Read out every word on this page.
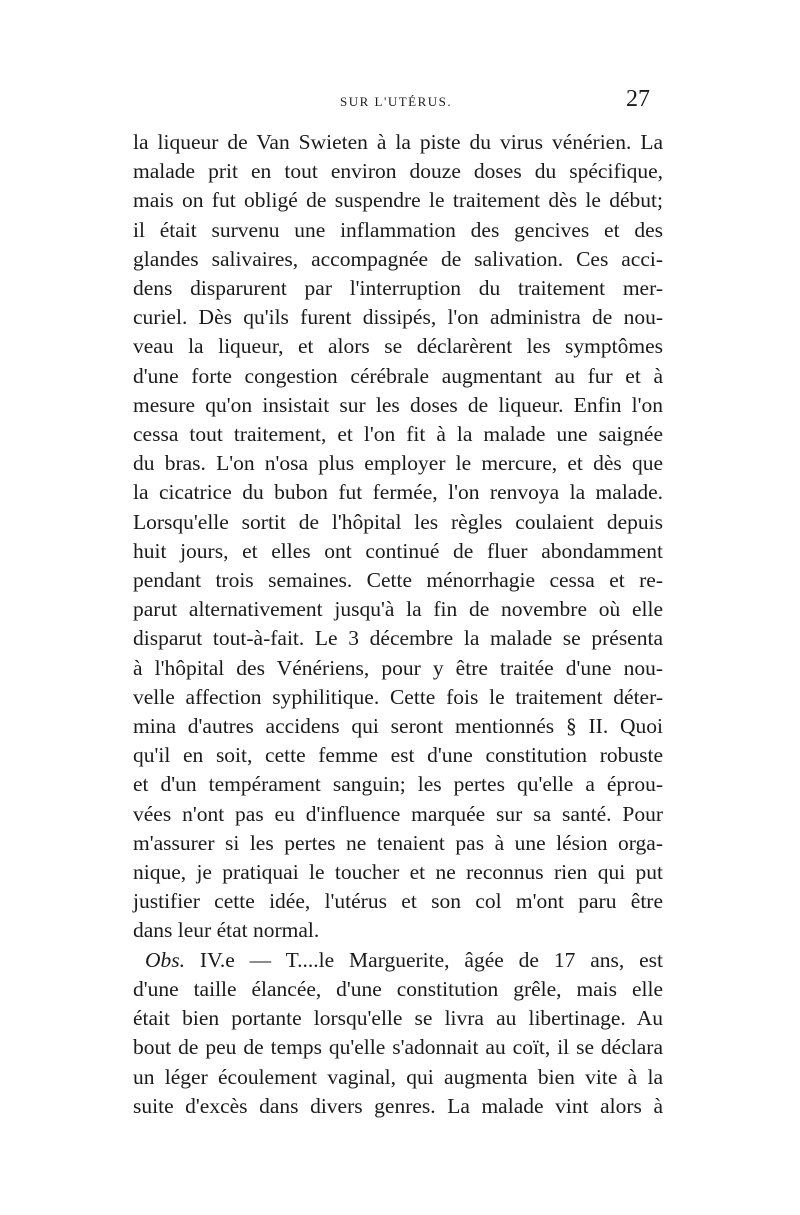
SUR L'UTÉRUS.	27
la liqueur de Van Swieten à la piste du virus vénérien. La
malade prit en tout environ douze doses du spécifique,
mais on fut obligé de suspendre le traitement dès le début;
il était survenu une inflammation des gencives et des
glandes salivaires, accompagnée de salivation. Ces acci-
dens disparurent par l'interruption du traitement mer-
curiel. Dès qu'ils furent dissipés, l'on administra de nou-
veau la liqueur, et alors se déclarèrent les symptômes
d'une forte congestion cérébrale augmentant au fur et à
mesure qu'on insistait sur les doses de liqueur. Enfin l'on
cessa tout traitement, et l'on fit à la malade une saignée
du bras. L'on n'osa plus employer le mercure, et dès que
la cicatrice du bubon fut fermée, l'on renvoya la malade.
Lorsqu'elle sortit de l'hôpital les règles coulaient depuis
huit jours, et elles ont continué de fluer abondamment
pendant trois semaines. Cette ménorrhagie cessa et re-
parut alternativement jusqu'à la fin de novembre où elle
disparut tout-à-fait. Le 3 décembre la malade se présenta
à l'hôpital des Vénériens, pour y être traitée d'une nou-
velle affection syphilitique. Cette fois le traitement déter-
mina d'autres accidens qui seront mentionnés § II. Quoi
qu'il en soit, cette femme est d'une constitution robuste
et d'un tempérament sanguin; les pertes qu'elle a éprou-
vées n'ont pas eu d'influence marquée sur sa santé. Pour
m'assurer si les pertes ne tenaient pas à une lésion orga-
nique, je pratiquai le toucher et ne reconnus rien qui put
justifier cette idée, l'utérus et son col m'ont paru être
dans leur état normal.
Obs. IV.e — T....le Marguerite, âgée de 17 ans, est
d'une taille élancée, d'une constitution grêle, mais elle
était bien portante lorsqu'elle se livra au libertinage. Au
bout de peu de temps qu'elle s'adonnait au coït, il se déclara
un léger écoulement vaginal, qui augmenta bien vite à la
suite d'excès dans divers genres. La malade vint alors à
